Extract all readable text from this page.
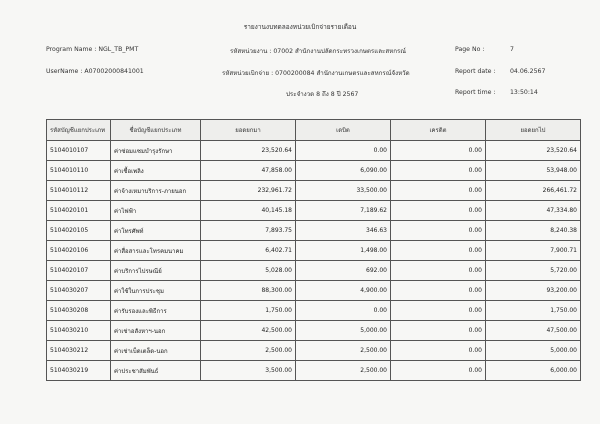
รายงานงบทดลองหน่วยเบิกจ่ายรายเดือน
Program Name : NGL_TB_PMT
UserName : A07002000841001
รหัสหน่วยงาน : 07002 สำนักงานปลัดกระทรวงเกษตรและสหกรณ์
รหัสหน่วยเบิกจ่าย : 0700200084 สำนักงานเกษตรและสหกรณ์จังหวัด
ประจำงวด 8 ถึง 8 ปี 2567
Page No :	7
Report date : 04.06.2567
Report time : 13:50:14
รหัสบัญชีแยกประเภท	ชื่อบัญชีแยกประเภท	ยอดยกมา	เดบิต	เครดิต	ยอดยกไป
5104010107	ค่าซ่อมแซมบำรุงรักษา	23,520.64	0.00	0.00	23,520.64
5104010110	ค่าเชื้อเพลิง	47,858.00	6,090.00	0.00	53,948.00
5104010112	ค่าจ้างเหมาบริการ-ภายนอก	232,961.72	33,500.00	0.00	266,461.72
5104020101	ค่าไฟฟ้า	40,145.18	7,189.62	0.00	47,334.80
5104020105	ค่าโทรศัพท์	7,893.75	346.63	0.00	8,240.38
5104020106	ค่าสื่อสารและโทรคมนาคม	6,402.71	1,498.00	0.00	7,900.71
5104020107	ค่าบริการไปรษณีย์	5,028.00	692.00	0.00	5,720.00
5104030207	ค่าใช้ในการประชุม	88,300.00	4,900.00	0.00	93,200.00
5104030208	ค่ารับรองและพิธีการ	1,750.00	0.00	0.00	1,750.00
5104030210	ค่าเช่าอสังหาฯ-นอก	42,500.00	5,000.00	0.00	47,500.00
5104030212	ค่าเช่าเบ็ดเตล็ด-นอก	2,500.00	2,500.00	0.00	5,000.00
5104030219	ค่าประชาสัมพันธ์	3,500.00	2,500.00	0.00	6,000.00
